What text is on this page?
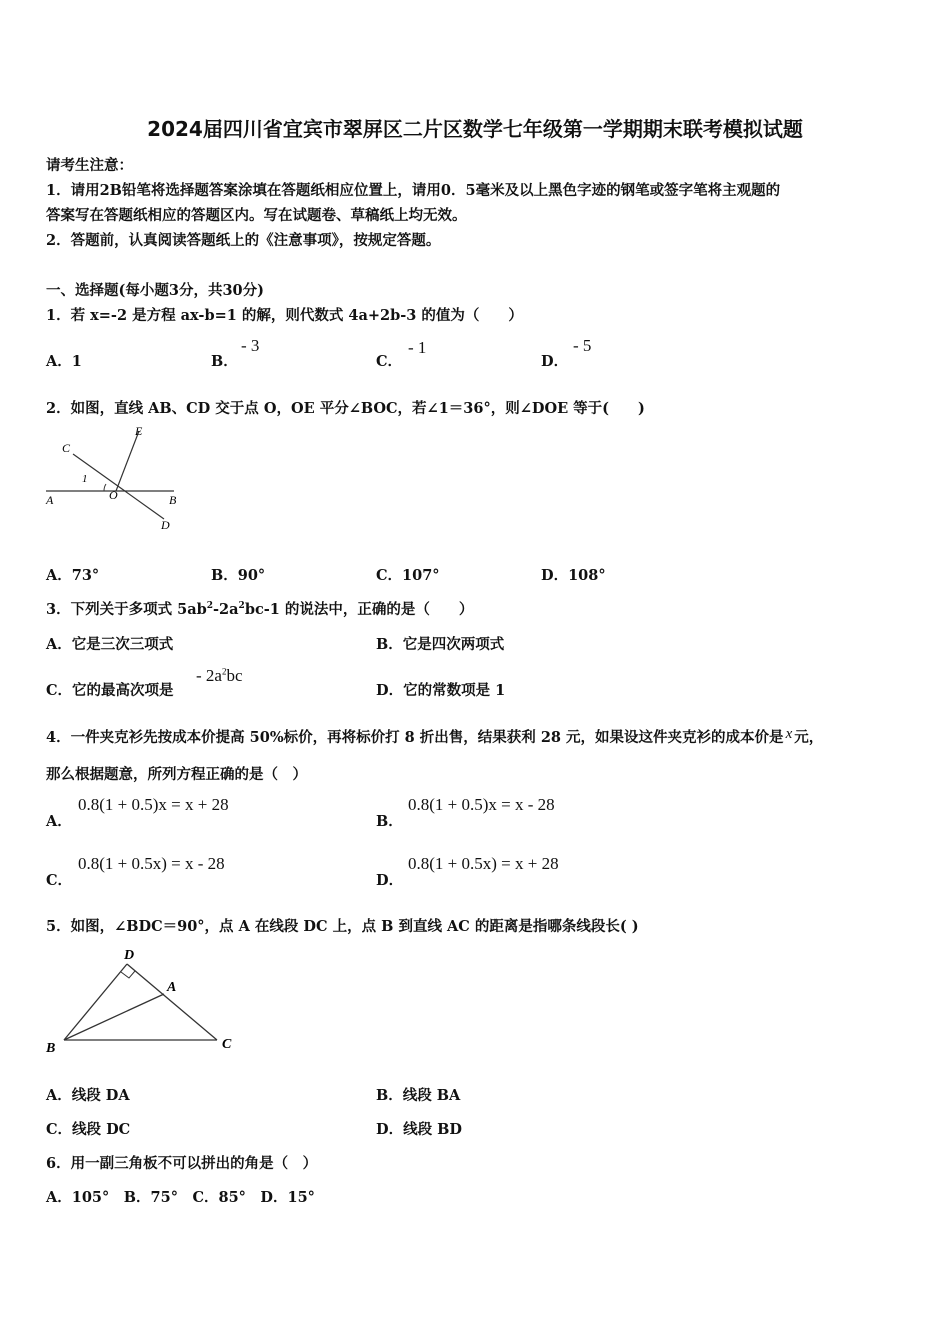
2024届四川省宜宾市翠屏区二片区数学七年级第一学期期末联考模拟试题
请考生注意：
1．请用2B铅笔将选择题答案涂填在答题纸相应位置上，请用0．5毫米及以上黑色字迹的钢笔或签字笔将主观题的
答案写在答题纸相应的答题区内。写在试题卷、草稿纸上均无效。
2．答题前，认真阅读答题纸上的《注意事项》，按规定答题。
一、选择题(每小题3分，共30分)
1．若 x=-2 是方程 ax-b=1 的解，则代数式 4a+2b-3 的值为（　　）
A．1	B．
- 3
C．
- 1
D．
- 5
2．如图，直线 AB、CD 交于点 O，OE 平分∠BOC，若∠1＝36°，则∠DOE 等于(　　)
C
E
1
A	O	B
D
A．73°	B．90°	C．107°	D．108°
3．下列关于多项式 $5ab^2-2a^2bc-1$ 的说法中，正确的是（　　）
A．它是三次三项式	B．它是四次两项式
C．它的最高次项是
- $2a^2bc$
D．它的常数项是 1
4．一件夹克衫先按成本价提高 50%标价，再将标价打 8 折出售，结果获利 28 元，如果设这件夹克衫的成本价是 x 元，
那么根据题意，所列方程正确的是（　）
A．
0.8(1 + 0.5)x = x + 28
B．
0.8(1 + 0.5)x = x - 28
C．
0.8(1 + 0.5x) = x - 28
D．
0.8(1 + 0.5x) = x + 28
5．如图，∠BDC＝90°，点 A 在线段 DC 上，点 B 到直线 AC 的距离是指哪条线段长( )
D
A
B	C
A．线段 DA	B．线段 BA
C．线段 DC	D．线段 BD
6．用一副三角板不可以拼出的角是（　）
A．105°　B．75°　C．85°　D．15°
